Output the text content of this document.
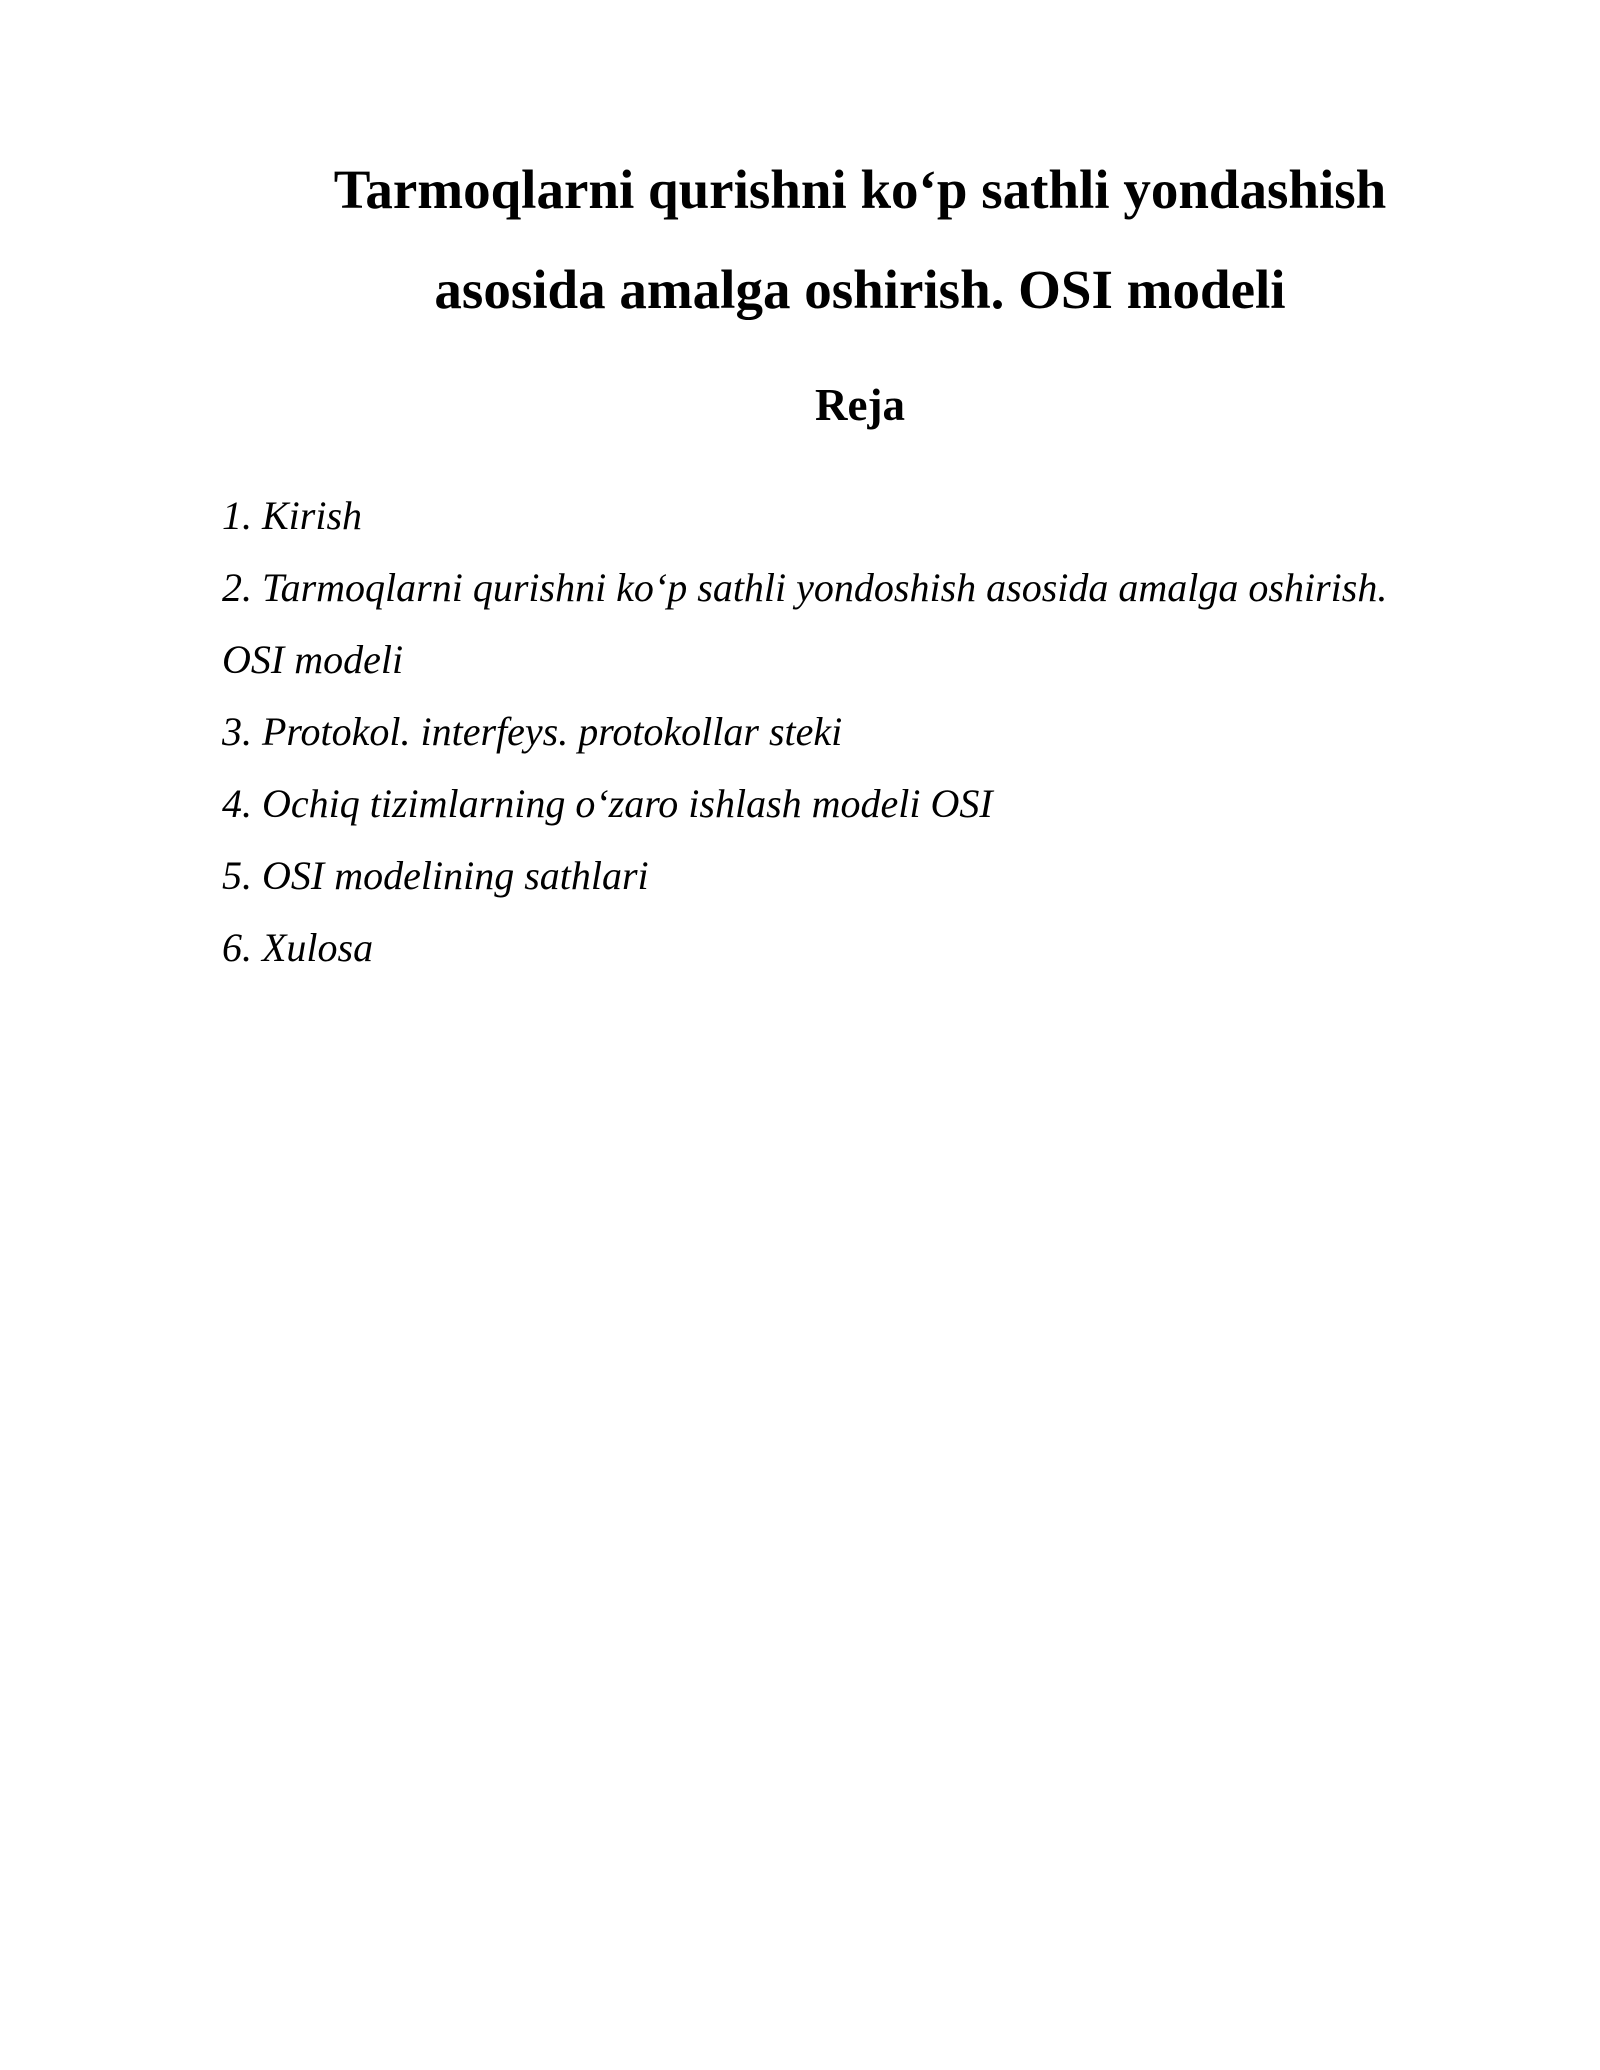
Tarmoqlarni qurishni ko‘p sathli yondashish
asosida amalga oshirish. OSI modeli
Reja
1. Kirish
2. Tarmoqlarni qurishni ko‘p sathli yondoshish asosida amalga oshirish.
OSI modeli
3. Protokol. interfeys. protokollar steki
4. Ochiq tizimlarning o‘zaro ishlash modeli OSI
5. OSI modelining sathlari
6. Xulosa
